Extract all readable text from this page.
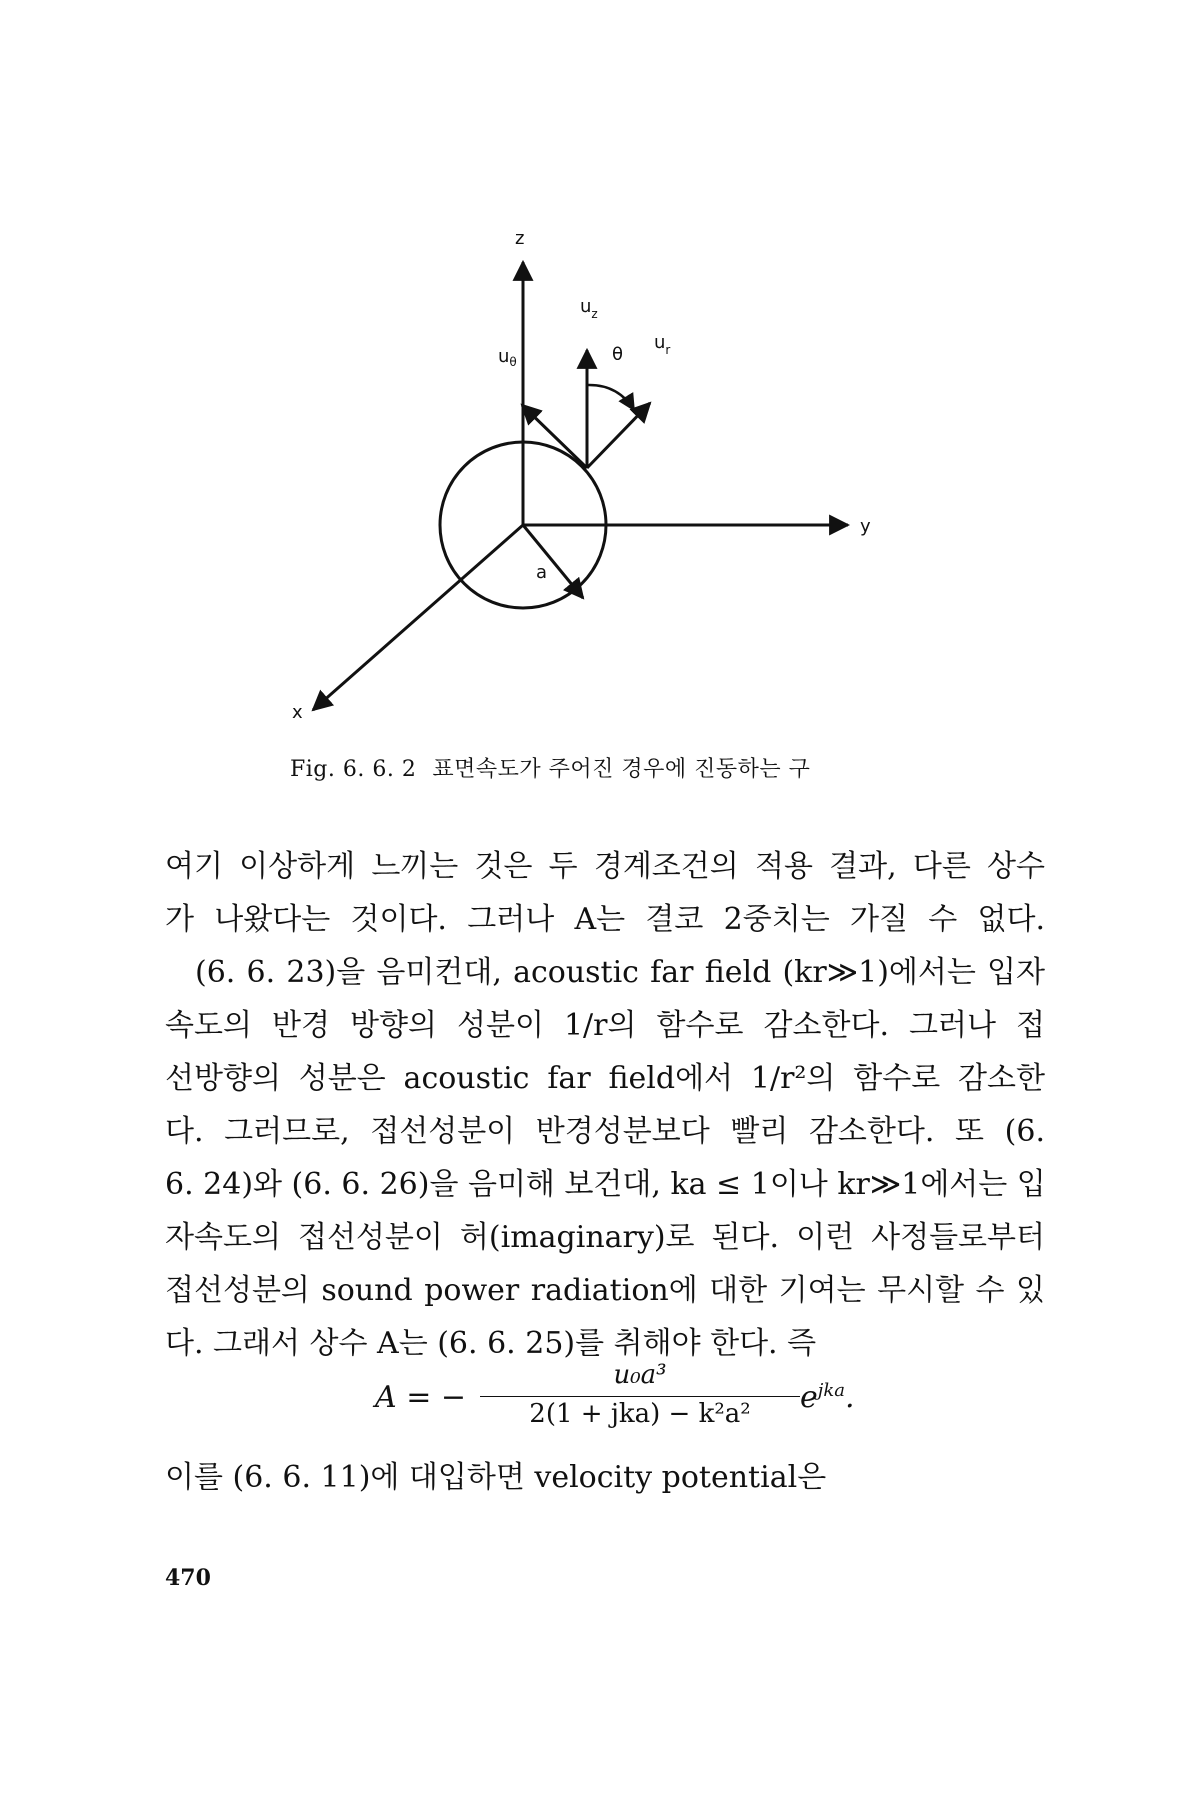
z
y
x
a
θ
$u_\theta$
$u_z$
$u_r$
Fig. 6. 6. 2 표면속도가 주어진 경우에 진동하는 구
여기 이상하게 느끼는 것은 두 경계조건의 적용 결과, 다른 상수
가 나왔다는 것이다. 그러나 A는 결코 2중치는 가질 수 없다.
(6. 6. 23)을 음미컨대, acoustic far field (kr≫1)에서는 입자
속도의 반경 방향의 성분이 1/r의 함수로 감소한다. 그러나 접
선방향의 성분은 acoustic far field에서 1/r²의 함수로 감소한
다. 그러므로, 접선성분이 반경성분보다 빨리 감소한다. 또 (6.
6. 24)와 (6. 6. 26)을 음미해 보건대, ka ≤ 1이나 kr≫1에서는 입
자속도의 접선성분이 허(imaginary)로 된다. 이런 사정들로부터
접선성분의 sound power radiation에 대한 기여는 무시할 수 있
다. 그래서 상수 A는 (6. 6. 25)를 취해야 한다. 즉
A = −
u₀a³
2(1 + jka) − k²a²	$e^{jka}$.
이를 (6. 6. 11)에 대입하면 velocity potential은
470
